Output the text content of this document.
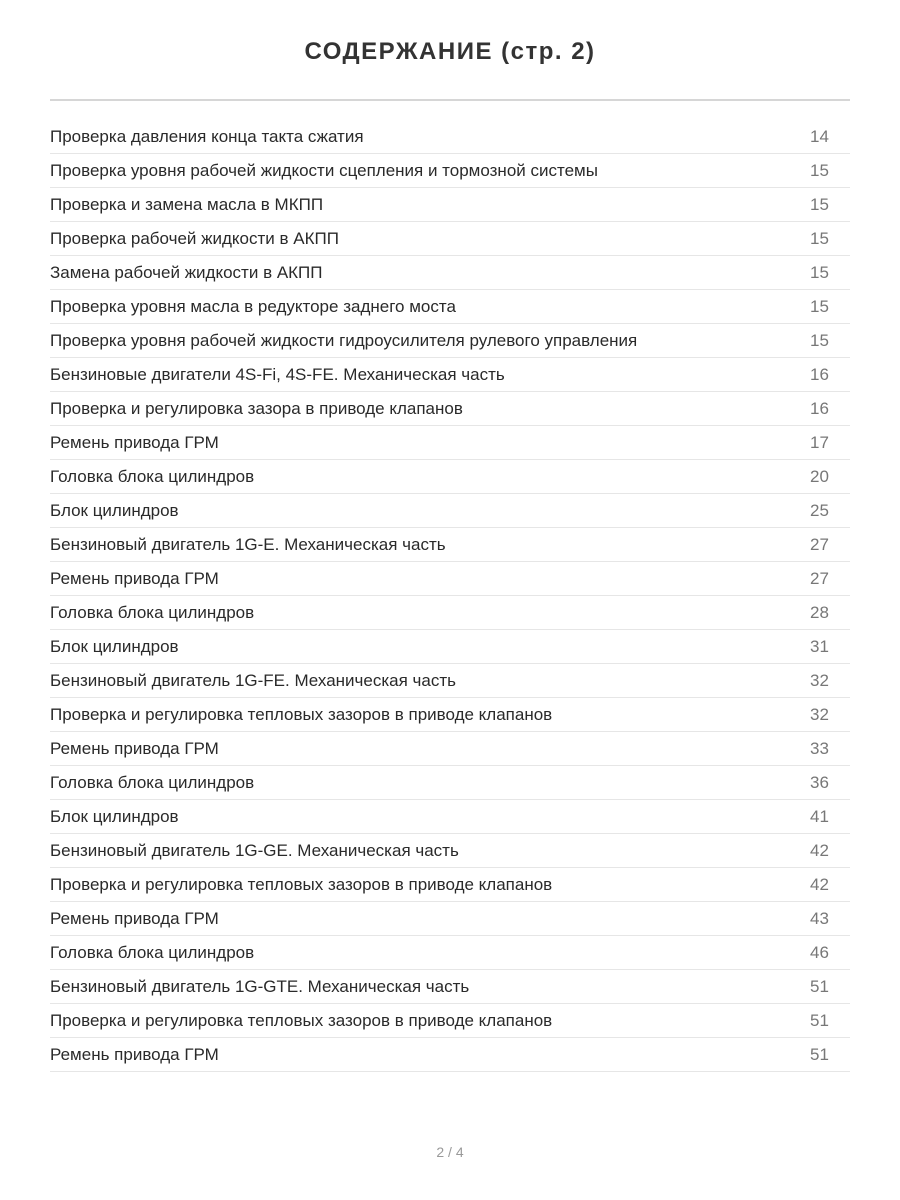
СОДЕРЖАНИЕ (стр. 2)
Проверка давления конца такта сжатия	14
Проверка уровня рабочей жидкости сцепления и тормозной системы	15
Проверка и замена масла в МКПП	15
Проверка рабочей жидкости в АКПП	15
Замена рабочей жидкости в АКПП	15
Проверка уровня масла в редукторе заднего моста	15
Проверка уровня рабочей жидкости гидроусилителя рулевого управления	15
Бензиновые двигатели 4S-Fi, 4S-FE. Механическая часть	16
Проверка и регулировка зазора в приводе клапанов	16
Ремень привода ГРМ	17
Головка блока цилиндров	20
Блок цилиндров	25
Бензиновый двигатель 1G-E. Механическая часть	27
Ремень привода ГРМ	27
Головка блока цилиндров	28
Блок цилиндров	31
Бензиновый двигатель 1G-FE. Механическая часть	32
Проверка и регулировка тепловых зазоров в приводе клапанов	32
Ремень привода ГРМ	33
Головка блока цилиндров	36
Блок цилиндров	41
Бензиновый двигатель 1G-GE. Механическая часть	42
Проверка и регулировка тепловых зазоров в приводе клапанов	42
Ремень привода ГРМ	43
Головка блока цилиндров	46
Бензиновый двигатель 1G-GTE. Механическая часть	51
Проверка и регулировка тепловых зазоров в приводе клапанов	51
Ремень привода ГРМ	51
2 / 4
